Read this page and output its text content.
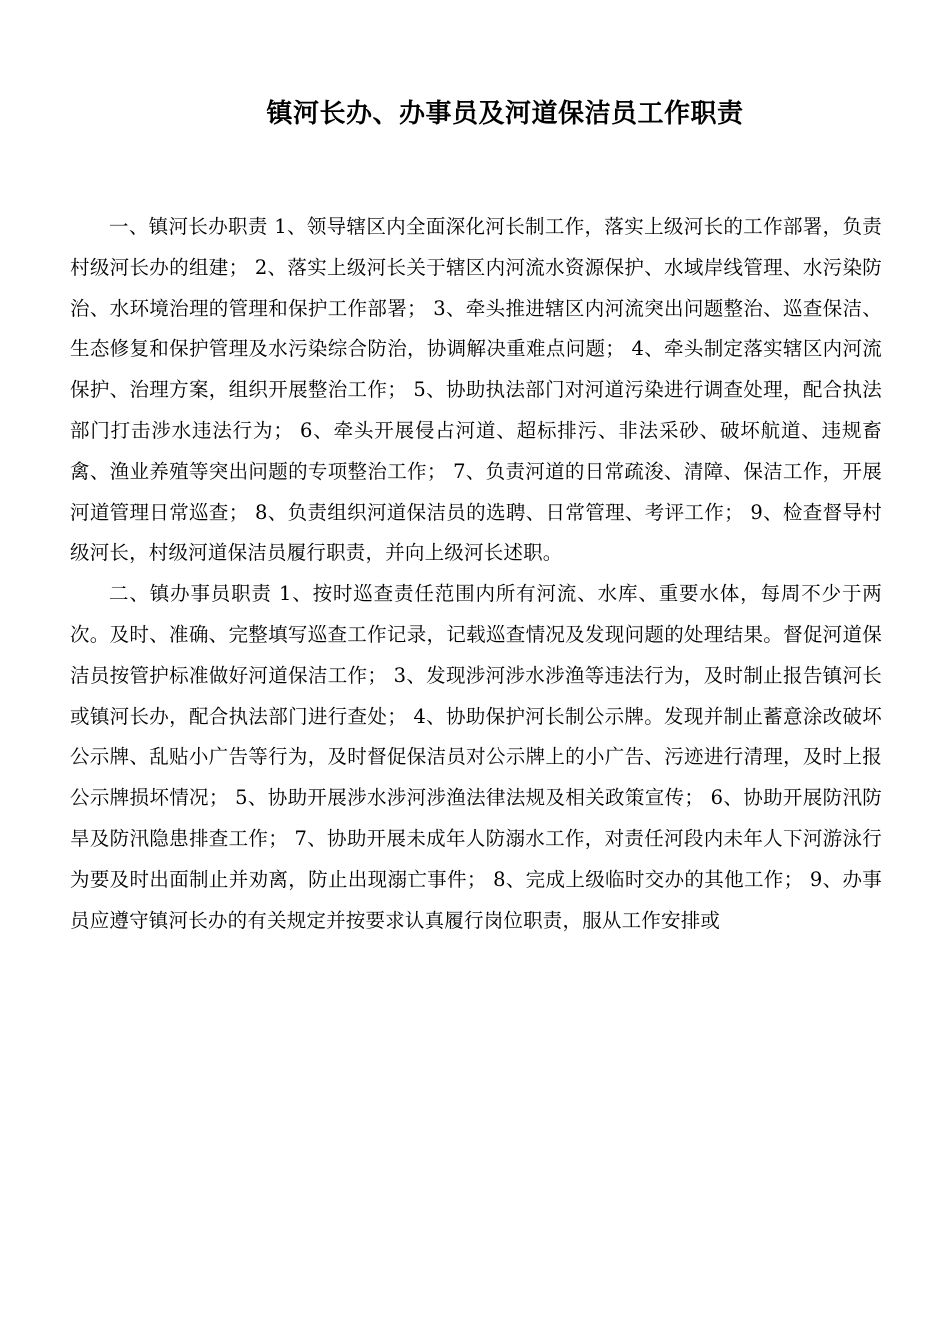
镇河长办、办事员及河道保洁员工作职责

一、镇河长办职责 1、领导辖区内全面深化河长制工作，落实上级河长的工作部署，负责村级河长办的组建； 2、落实上级河长关于辖区内河流水资源保护、水域岸线管理、水污染防治、水环境治理的管理和保护工作部署； 3、牵头推进辖区内河流突出问题整治、巡查保洁、生态修复和保护管理及水污染综合防治，协调解决重难点问题； 4、牵头制定落实辖区内河流保护、治理方案，组织开展整治工作； 5、协助执法部门对河道污染进行调查处理，配合执法部门打击涉水违法行为； 6、牵头开展侵占河道、超标排污、非法采砂、破坏航道、违规畜禽、渔业养殖等突出问题的专项整治工作； 7、负责河道的日常疏浚、清障、保洁工作，开展河道管理日常巡查； 8、负责组织河道保洁员的选聘、日常管理、考评工作； 9、检查督导村级河长，村级河道保洁员履行职责，并向上级河长述职。

二、镇办事员职责 1、按时巡查责任范围内所有河流、水库、重要水体，每周不少于两次。及时、准确、完整填写巡查工作记录，记载巡查情况及发现问题的处理结果。督促河道保洁员按管护标准做好河道保洁工作； 3、发现涉河涉水涉渔等违法行为，及时制止报告镇河长或镇河长办，配合执法部门进行查处； 4、协助保护河长制公示牌。发现并制止蓄意涂改破坏公示牌、乱贴小广告等行为，及时督促保洁员对公示牌上的小广告、污迹进行清理，及时上报公示牌损坏情况； 5、协助开展涉水涉河涉渔法律法规及相关政策宣传； 6、协助开展防汛防旱及防汛隐患排查工作； 7、协助开展未成年人防溺水工作，对责任河段内未年人下河游泳行为要及时出面制止并劝离，防止出现溺亡事件； 8、完成上级临时交办的其他工作； 9、办事员应遵守镇河长办的有关规定并按要求认真履行岗位职责，服从工作安排或
